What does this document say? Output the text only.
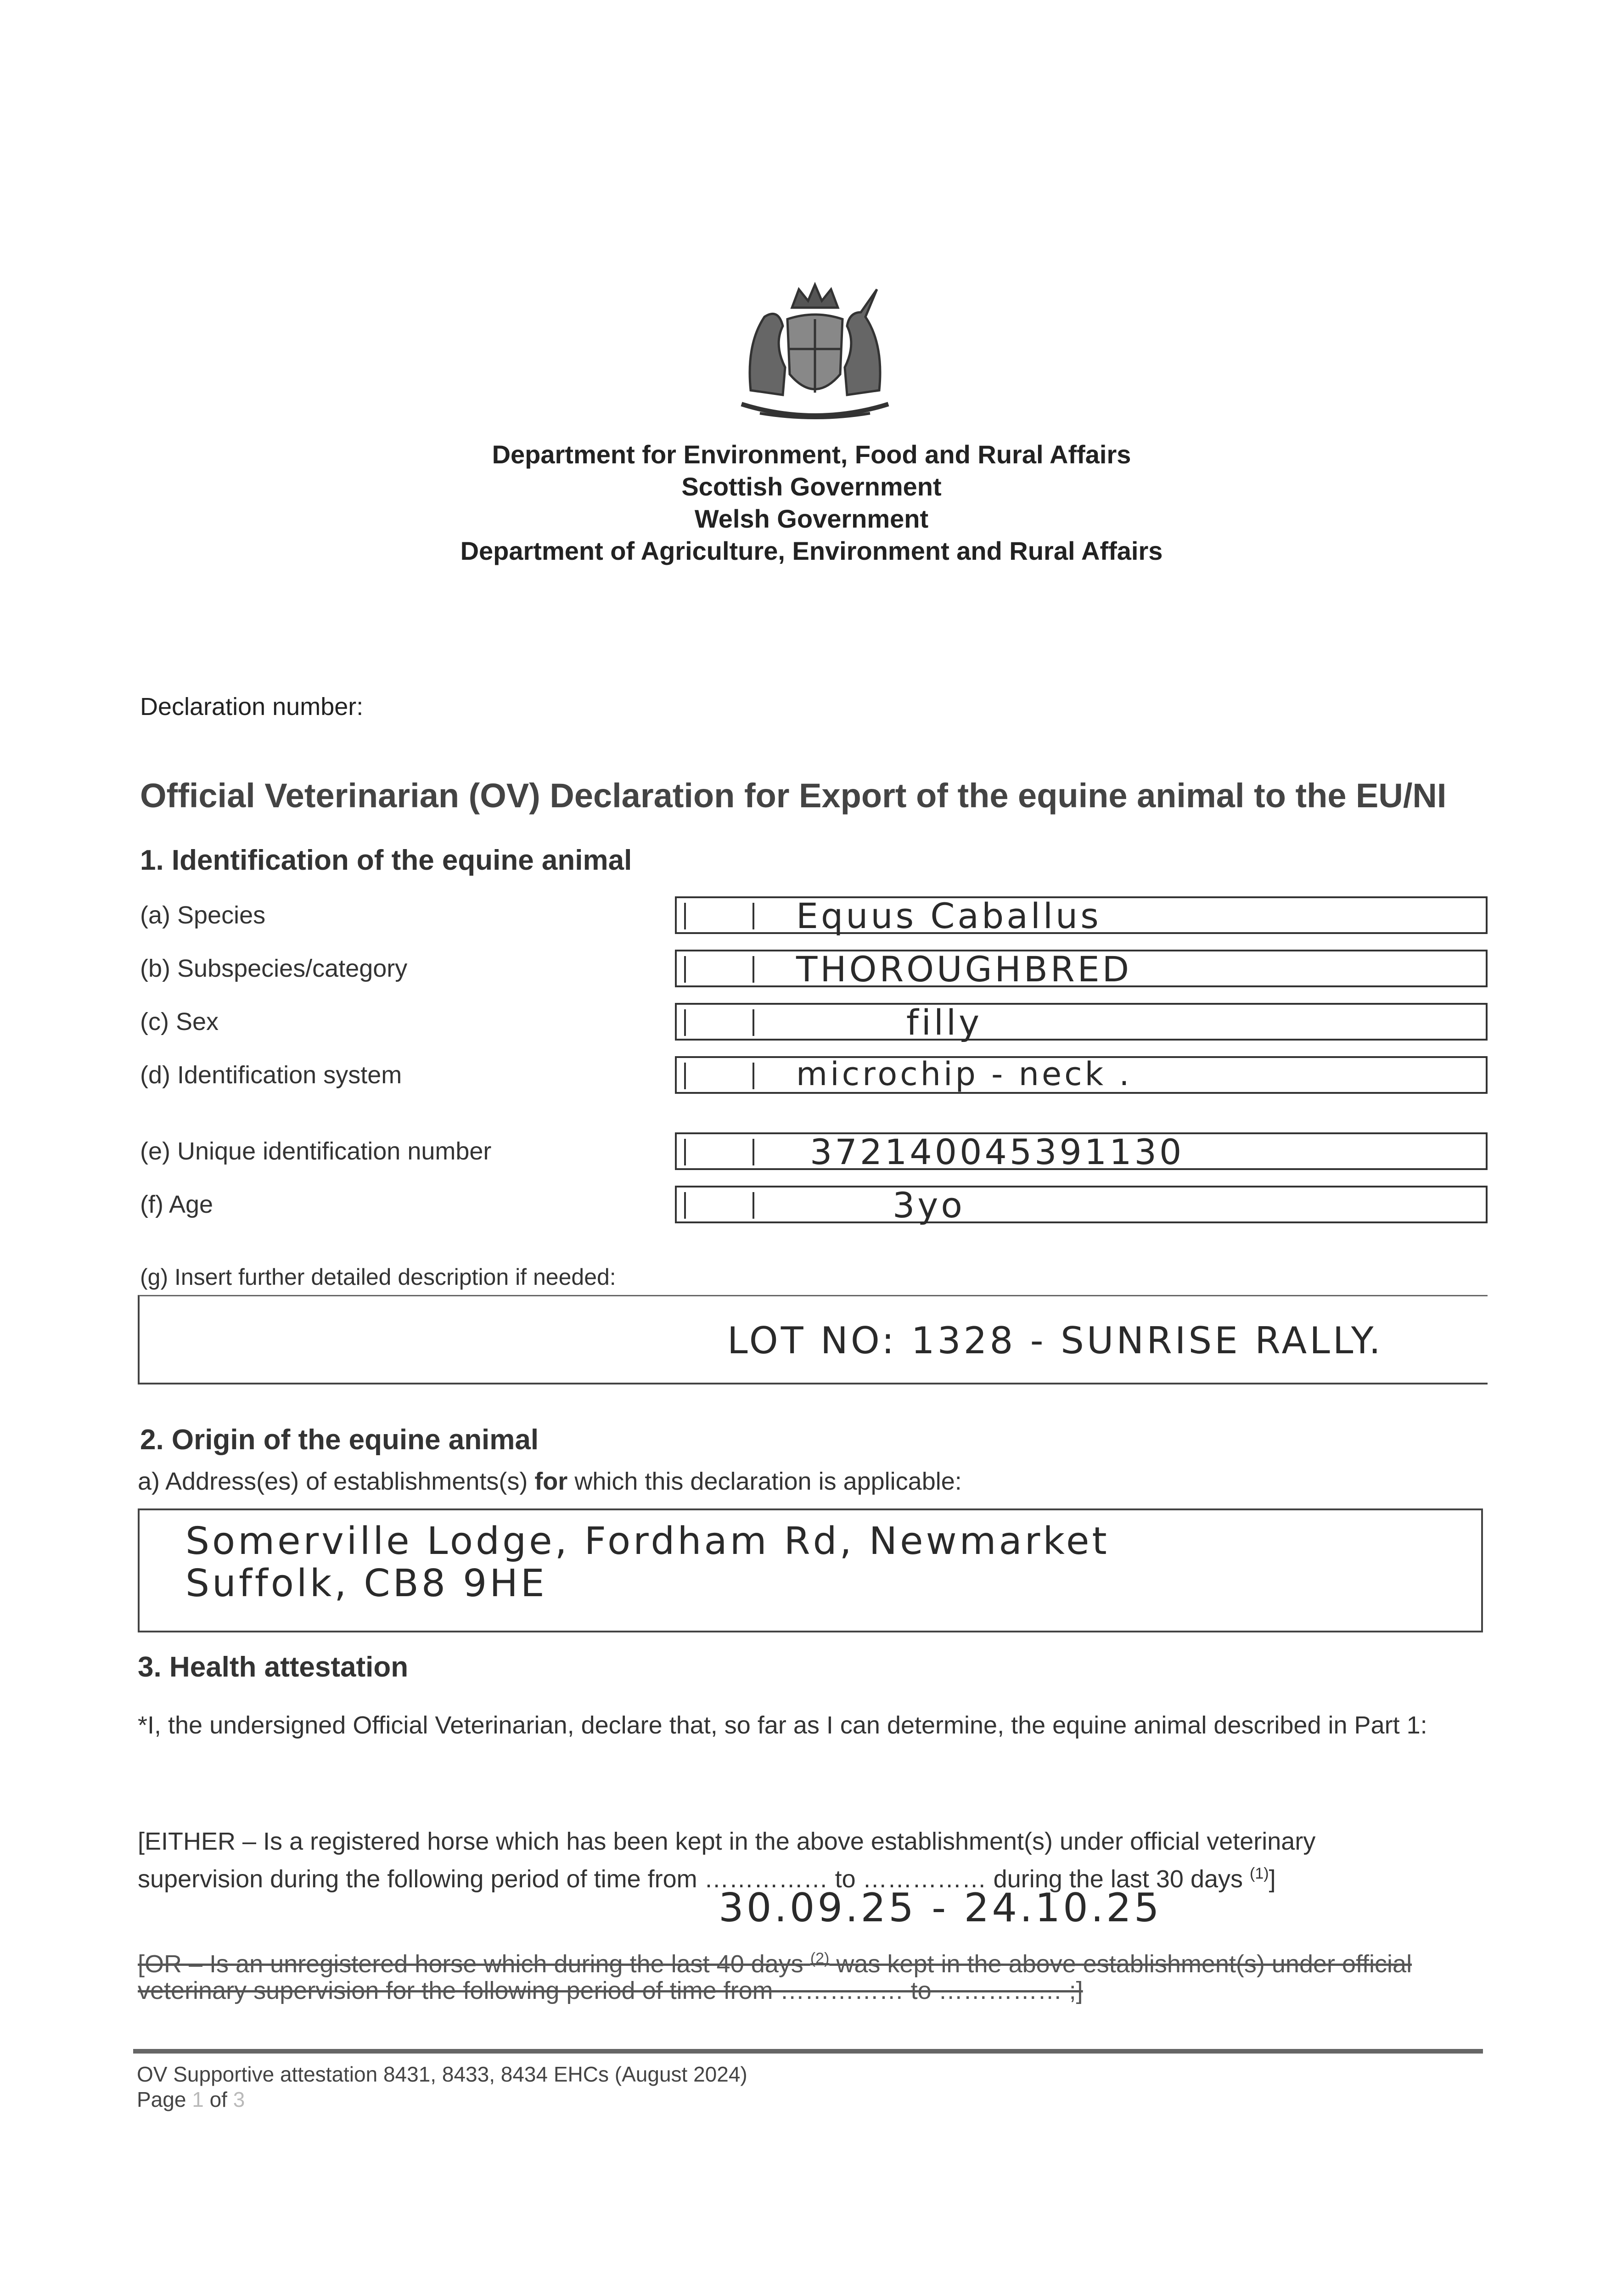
Department for Environment, Food and Rural Affairs
Scottish Government
Welsh Government
Department of Agriculture, Environment and Rural Affairs
Declaration number:
Official Veterinarian (OV) Declaration for Export of the equine animal to the EU/NI
1. Identification of the equine animal
(a) Species	Equus Caballus
(b) Subspecies/category	THOROUGHBRED
(c) Sex	filly
(d) Identification system	microchip - neck .
(e) Unique identification number	372140045391130
(f) Age	3yo
(g) Insert further detailed description if needed:
LOT NO: 1328 - SUNRISE RALLY.
2. Origin of the equine animal
a) Address(es) of establishments(s) for which this declaration is applicable:
Somerville Lodge, Fordham Rd, Newmarket
Suffolk, CB8 9HE
3. Health attestation
*I, the undersigned Official Veterinarian, declare that, so far as I can determine, the equine animal described in Part 1:
[EITHER – Is a registered horse which has been kept in the above establishment(s) under official veterinary
supervision during the following period of time from …………… to …………… during the last 30 days $^{(1)}$]
30.09.25 - 24.10.25
[OR – Is an unregistered horse which during the last 40 days $^{(2)}$ was kept in the above establishment(s) under official
veterinary supervision for the following period of time from …………… to …………… ;]
OV Supportive attestation 8431, 8433, 8434 EHCs (August 2024)
Page 1 of 3
